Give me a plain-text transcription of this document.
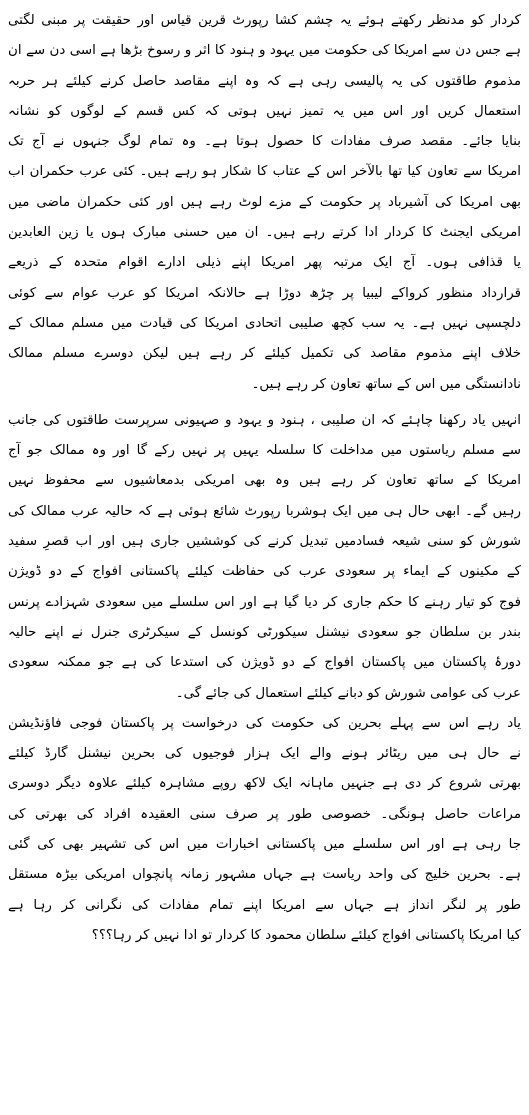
کردار کو مدنظر رکھتے ہوئے یہ چشم کشا رپورٹ قرین قیاس اور حقیقت پر مبنی لگتی
ہے جس دن سے امریکا کی حکومت میں یہود و ہنود کا اثر و رسوخ بڑھا ہے اسی دن سے ان
مذموم طاقتوں کی یہ پالیسی رہی ہے کہ وہ اپنے مقاصد حاصل کرنے کیلئے ہر حربہ
استعمال کریں اور اس میں یہ تمیز نہیں ہوتی کہ کس قسم کے لوگوں کو نشانہ
بنایا جائے۔ مقصد صرف مفادات کا حصول ہوتا ہے۔ وہ تمام لوگ جنہوں نے آج تک
امریکا سے تعاون کیا تھا بالآخر اس کے عتاب کا شکار ہو رہے ہیں۔ کئی عرب حکمران اب
بھی امریکا کی آشیرباد پر حکومت کے مزے لوٹ رہے ہیں اور کئی حکمران ماضی میں
امریکی ایجنٹ کا کردار ادا کرتے رہے ہیں۔ ان میں حسنی مبارک ہوں یا زین العابدین
یا قذافی ہوں۔ آج ایک مرتبہ پھر امریکا اپنے ذیلی ادارے اقوام متحدہ کے ذریعے
قرارداد منظور کرواکے لیبیا پر چڑھ دوڑا ہے حالانکہ امریکا کو عرب عوام سے کوئی
دلچسپی نہیں ہے۔ یہ سب کچھ صلیبی اتحادی امریکا کی قیادت میں مسلم ممالک کے
خلاف اپنے مذموم مقاصد کی تکمیل کیلئے کر رہے ہیں لیکن دوسرے مسلم ممالک
نادانستگی میں اس کے ساتھ تعاون کر رہے ہیں۔
انہیں یاد رکھنا چاہئے کہ ان صلیبی ، ہنود و یہود و صہیونی سرپرست طاقتوں کی جانب
سے مسلم ریاستوں میں مداخلت کا سلسلہ یہیں پر نہیں رکے گا اور وہ ممالک جو آج
امریکا کے ساتھ تعاون کر رہے ہیں وہ بھی امریکی بدمعاشیوں سے محفوظ نہیں
رہیں گے۔ ابھی حال ہی میں ایک ہوشربا رپورٹ شائع ہوئی ہے کہ حالیہ عرب ممالک کی
شورش کو سنی شیعہ فسادمیں تبدیل کرنے کی کوششیں جاری ہیں اور اب قصرِ سفید
کے مکینوں کے ایماء پر سعودی عرب کی حفاظت کیلئے پاکستانی افواج کے دو ڈویژن
فوج کو تیار رہنے کا حکم جاری کر دیا گیا ہے اور اس سلسلے میں سعودی شہزادے پرنس
بندر بن سلطان جو سعودی نیشنل سیکورٹی کونسل کے سیکرٹری جنرل نے اپنے حالیہ
دورۂ پاکستان میں پاکستان افواج کے دو ڈویژن کی استدعا کی ہے جو ممکنہ سعودی
عرب کی عوامی شورش کو دبانے کیلئے استعمال کی جائے گی۔
یاد رہے اس سے پہلے بحرین کی حکومت کی درخواست پر پاکستان فوجی فاؤنڈیشن
نے حال ہی میں ریٹائر ہونے والے ایک ہزار فوجیوں کی بحرین نیشنل گارڈ کیلئے
بھرتی شروع کر دی ہے جنہیں ماہانہ ایک لاکھ روپے مشاہرہ کیلئے علاوہ دیگر دوسری
مراعات حاصل ہونگی۔ خصوصی طور پر صرف سنی العقیدہ افراد کی بھرتی کی
جا رہی ہے اور اس سلسلے میں پاکستانی اخبارات میں اس کی تشہیر بھی کی گئی
ہے۔ بحرین خلیج کی واحد ریاست ہے جہاں مشہور زمانہ پانچواں امریکی بیڑہ مستقل
طور پر لنگر انداز ہے جہاں سے امریکا اپنے تمام مفادات کی نگرانی کر رہا ہے
کیا امریکا پاکستانی افواج کیلئے سلطان محمود کا کردار تو ادا نہیں کر رہا؟؟؟
